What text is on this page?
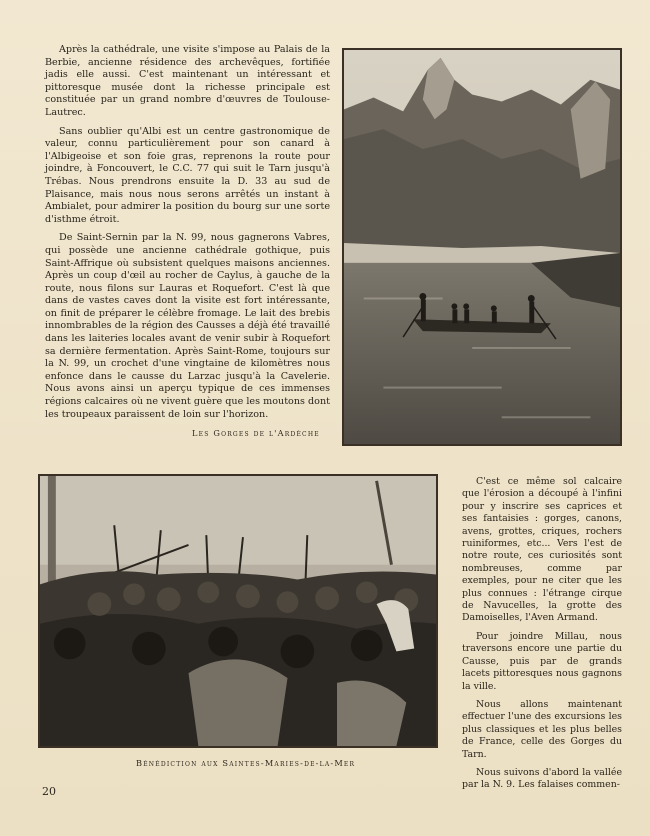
Après la cathédrale, une visite s'impose au Palais de la Berbie, ancienne résidence des archevêques, fortifiée jadis elle aussi. C'est maintenant un intéressant et pittoresque musée dont la richesse principale est constituée par un grand nombre d'œuvres de Toulouse-Lautrec.

Sans oublier qu'Albi est un centre gastronomique de valeur, connu particulièrement pour son canard à l'Albigeoise et son foie gras, reprenons la route pour joindre, à Foncouvert, le C.C. 77 qui suit le Tarn jusqu'à Trébas. Nous prendrons ensuite la D. 33 au sud de Plaisance, mais nous nous serons arrêtés un instant à Ambialet, pour admirer la position du bourg sur une sorte d'isthme étroit.

De Saint-Sernin par la N. 99, nous gagnerons Vabres, qui possède une ancienne cathédrale gothique, puis Saint-Affrique où subsistent quelques maisons anciennes. Après un coup d'œil au rocher de Caylus, à gauche de la route, nous filons sur Lauras et Roquefort. C'est là que dans de vastes caves dont la visite est fort intéressante, on finit de préparer le célèbre fromage. Le lait des brebis innombrables de la région des Causses a déjà été travaillé dans les laiteries locales avant de venir subir à Roquefort sa dernière fermentation. Après Saint-Rome, toujours sur la N. 99, un crochet d'une vingtaine de kilomètres nous enfonce dans le causse du Larzac jusqu'à la Cavelerie. Nous avons ainsi un aperçu typique de ces immenses régions calcaires où ne vivent guère que les moutons dont les troupeaux paraissent de loin sur l'horizon.

Les Gorges de l'Ardèche
Bénédiction aux Saintes-Maries-de-la-Mer

C'est ce même sol calcaire que l'érosion a découpé à l'infini pour y inscrire ses caprices et ses fantaisies : gorges, canons, avens, grottes, criques, rochers ruiniformes, etc... Vers l'est de notre route, ces curiosités sont nombreuses, comme par exemples, pour ne citer que les plus connues : l'étrange cirque de Navucelles, la grotte des Damoiselles, l'Aven Armand.

Pour joindre Millau, nous traversons encore une partie du Causse, puis par de grands lacets pittoresques nous gagnons la ville.

Nous allons maintenant effectuer l'une des excursions les plus classiques et les plus belles de France, celle des Gorges du Tarn.

Nous suivons d'abord la vallée par la N. 9. Les falaises commen-

20
